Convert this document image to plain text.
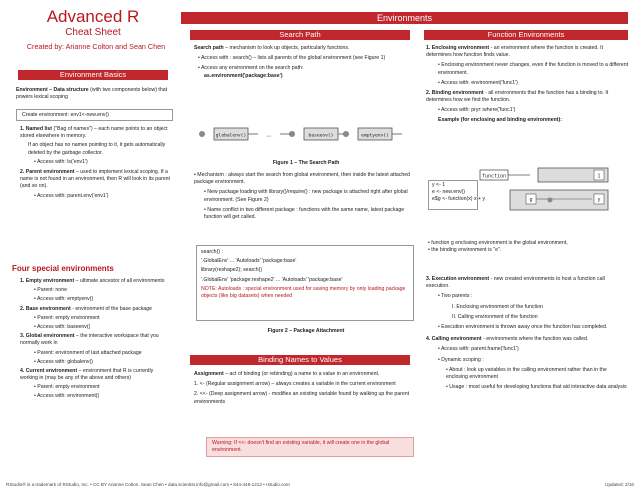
Advanced R
Cheat Sheet
Created by: Arianne Colton and Sean Chen
Environment Basics
Environment – Data structure (with two components below) that powers lexical scoping
Create environment: env1<-new.env()
1. Named list ("Bag of names") – each name points to an object stored elsewhere in memory.
If an object has no names pointing to it, it gets automatically deleted by the garbage collector.
• Access with: ls('env1')
2. Parent environment – used to implement lexical scoping. If a name is not found in an environment, then R will look in its parent (and so on).
• Access with: parent.env('env1')
Four special environments
1. Empty environment – ultimate ancestor of all environments
• Parent: none
• Access with: emptyenv()
2. Base environment - environment of the base package
• Parent: empty environment
• Access with: baseenv()
3. Global environment – the interactive workspace that you normally work in
• Parent: environment of last attached package
• Access with: globalenv()
4. Current environment – environment that R is currently working in (may be any of the above and others)
• Parent: empty environment
• Access with: environment()
Environments
Search Path
Search path – mechanism to look up objects, particularly functions.
• Access with : search() – lists all parents of the global environment (see Figure 1)
• Access any environment on the search path:
as.environment('package:base')
globalenv()	...	baseenv()	emptyenv()
Figure 1 – The Search Path
• Mechanism : always start the search from global environment, then inside the latest attached package environment.
• New package loading with library()/require() : new package is attached right after global environment. (See Figure 2)
• Name conflict in two different package : functions with the same name, latest package function will get called.
search() :
'.GlobalEnv' ... 'Autoloads' 'package:base'
library(reshape2); search()
'.GlobalEnv' 'package:reshape2' ... 'Autoloads' 'package:base'
NOTE: Autoloads : special environment used for saving memory by only loading package objects (like big datasets) when needed
Figure 2 – Package Attachment
Binding Names to Values
Assignment – act of binding (or rebinding) a name to a value in an environment.
1. <- (Regular assignment arrow) – always creates a variable in the current environment
2. <<- (Deep assignment arrow) - modifies an existing variable found by walking up the parent environments
Warning: If <<- doesn't find an existing variable, it will create one in the global environment.
Function Environments
1. Enclosing environment - an environment where the function is created. It determines how function finds value.
• Enclosing environment never changes, even if the function is moved to a different environment.
• Access with: environment('func1')
2. Binding environment - all environments that the function has a binding to. It determines how we find the function.
• Access with: pryr::where('func1')
Example (for enclosing and binding environment):
function	1
g	y
y <- 1
e <- new.env()
e$g <- function(x) x + y
• function g enclosing environment is the global environment,
• the binding environment is "e".
3. Execution environment - new created environments to host a function call execution.
• Two parents :
I. Enclosing environment of the function
II. Calling environment of the function
• Execution environment is thrown away once the function has completed.
4. Calling environment - environments where the function was called.
• Access with: parent.frame('func1')
• Dynamic scoping :
• About : look up variables in the calling environment rather than in the enclosing environment
• Usage : most useful for developing functions that aid interactive data analysis
RStudio® is a trademark of RStudio, Inc. • CC BY Arianne Colton, Sean Chen • data.scientist.info@gmail.com • 844-448-1212 • rstudio.com	Updated: 2/16
